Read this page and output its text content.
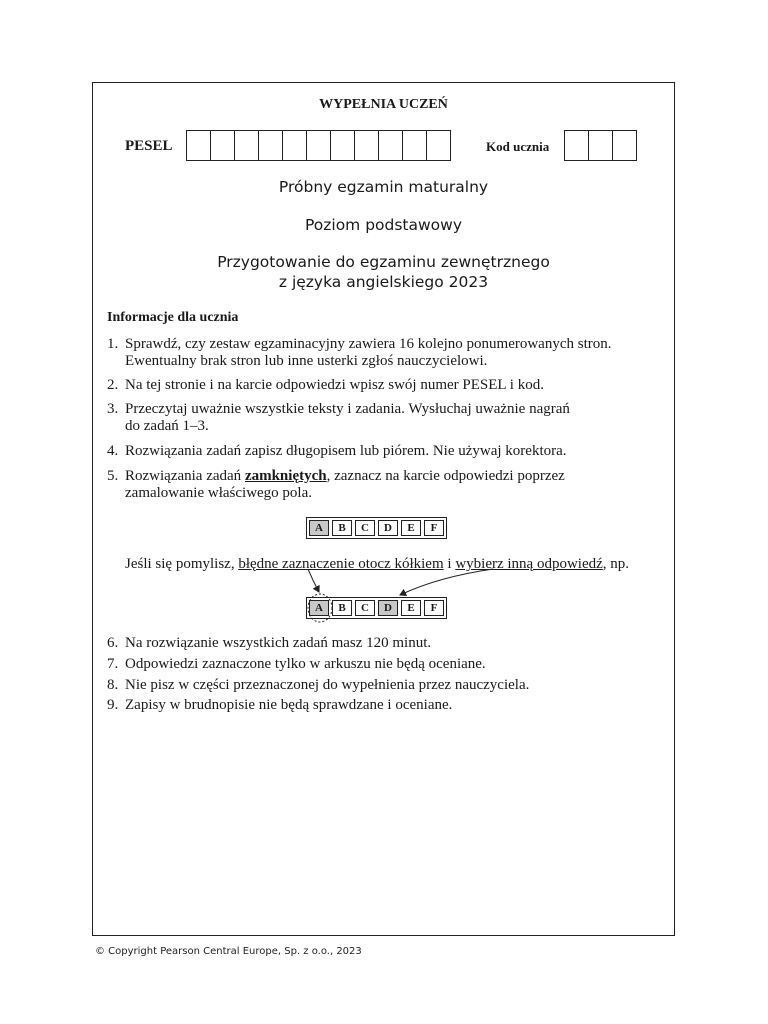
WYPEŁNIA UCZEŃ
PESEL	Kod ucznia
Próbny egzamin maturalny
Poziom podstawowy
Przygotowanie do egzaminu zewnętrznego
z języka angielskiego 2023
Informacje dla ucznia
1. Sprawdź, czy zestaw egzaminacyjny zawiera 16 kolejno ponumerowanych stron.
Ewentualny brak stron lub inne usterki zgłoś nauczycielowi.
2. Na tej stronie i na karcie odpowiedzi wpisz swój numer PESEL i kod.
3. Przeczytaj uważnie wszystkie teksty i zadania. Wysłuchaj uważnie nagrań
do zadań 1–3.
4. Rozwiązania zadań zapisz długopisem lub piórem. Nie używaj korektora.
5. Rozwiązania zadań zamkniętych, zaznacz na karcie odpowiedzi poprzez
zamalowanie właściwego pola.
A	B	C	D	E	F
Jeśli się pomylisz, błędne zaznaczenie otocz kółkiem i wybierz inną odpowiedź, np.
A	B	C	D	E	F
6. Na rozwiązanie wszystkich zadań masz 120 minut.
7. Odpowiedzi zaznaczone tylko w arkuszu nie będą oceniane.
8. Nie pisz w części przeznaczonej do wypełnienia przez nauczyciela.
9. Zapisy w brudnopisie nie będą sprawdzane i oceniane.
© Copyright Pearson Central Europe, Sp. z o.o., 2023
